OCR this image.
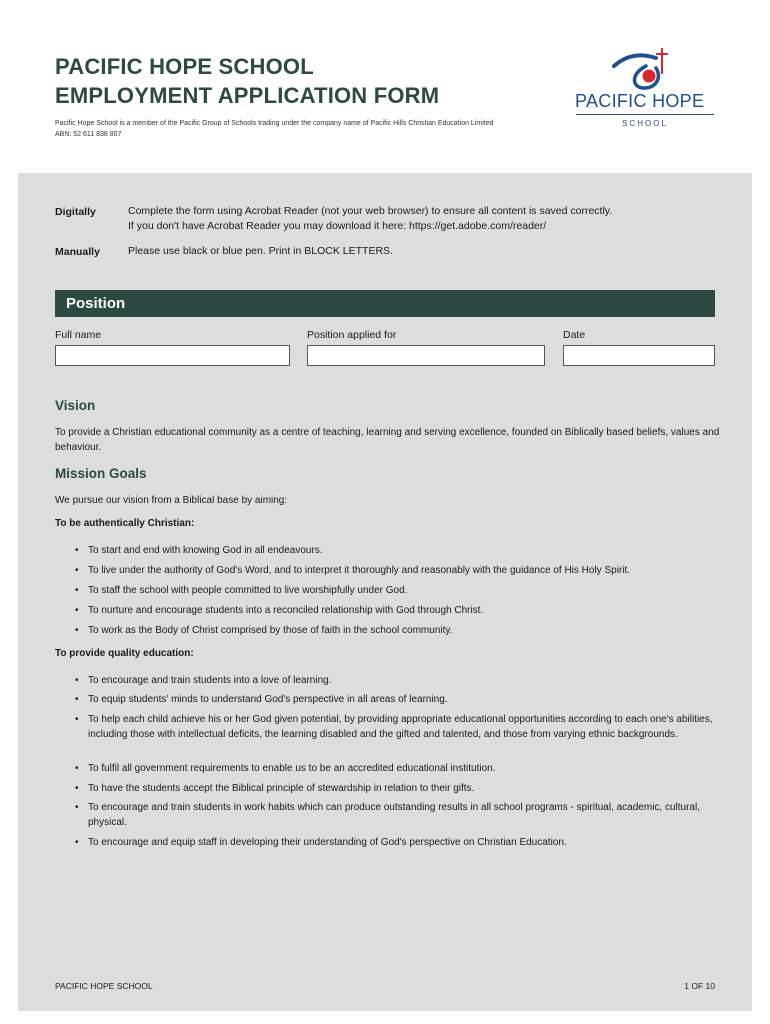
PACIFIC HOPE SCHOOL
EMPLOYMENT APPLICATION FORM
Pacific Hope School is a member of the Pacific Group of Schools trading under the company name of Pacific Hills Christian Education Limited
ABN: 52 611 838 807
PACIFIC HOPE
SCHOOL
Digitally	Complete the form using Acrobat Reader (not your web browser) to ensure all content is saved correctly.
If you don't have Acrobat Reader you may download it here: https://get.adobe.com/reader/
Manually	Please use black or blue pen. Print in BLOCK LETTERS.
Position
Full name	Position applied for	Date
Vision
To provide a Christian educational community as a centre of teaching, learning and serving excellence, founded on Biblically based beliefs, values and behaviour.
Mission Goals
We pursue our vision from a Biblical base by aiming:
To be authentically Christian:
• To start and end with knowing God in all endeavours.
• To live under the authority of God's Word, and to interpret it thoroughly and reasonably with the guidance of His Holy Spirit.
• To staff the school with people committed to live worshipfully under God.
• To nurture and encourage students into a reconciled relationship with God through Christ.
• To work as the Body of Christ comprised by those of faith in the school community.
To provide quality education:
• To encourage and train students into a love of learning.
• To equip students' minds to understand God's perspective in all areas of learning.
• To help each child achieve his or her God given potential, by providing appropriate educational opportunities according to each one's abilities, including those with intellectual deficits, the learning disabled and the gifted and talented, and those from varying ethnic backgrounds.
• To fulfil all government requirements to enable us to be an accredited educational institution.
• To have the students accept the Biblical principle of stewardship in relation to their gifts.
• To encourage and train students in work habits which can produce outstanding results in all school programs - spiritual, academic, cultural, physical.
• To encourage and equip staff in developing their understanding of God's perspective on Christian Education.
PACIFIC HOPE SCHOOL	1 OF 10
